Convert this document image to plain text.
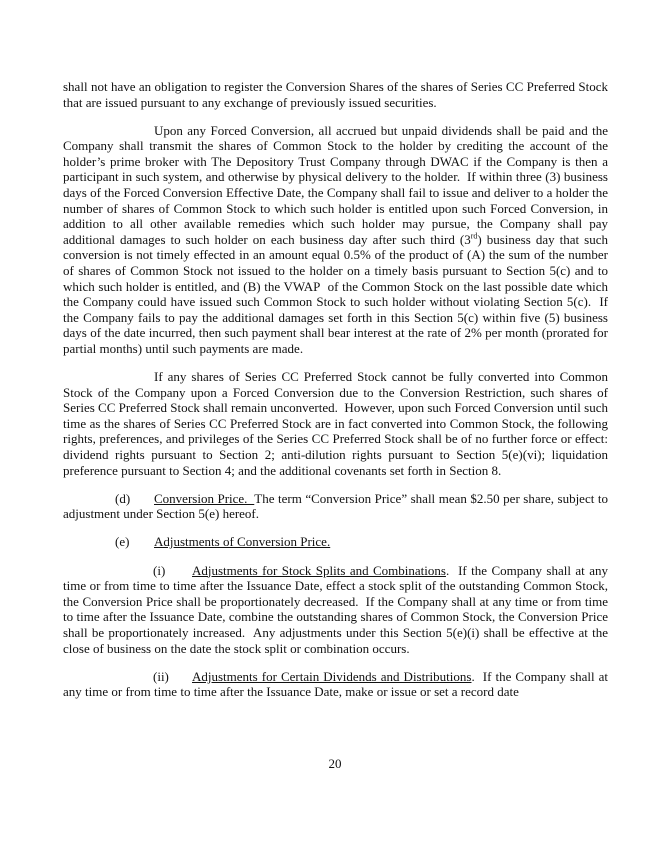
shall not have an obligation to register the Conversion Shares of the shares of Series CC Preferred Stock that are issued pursuant to any exchange of previously issued securities.

Upon any Forced Conversion, all accrued but unpaid dividends shall be paid and the Company shall transmit the shares of Common Stock to the holder by crediting the account of the holder’s prime broker with The Depository Trust Company through DWAC if the Company is then a participant in such system, and otherwise by physical delivery to the holder.  If within three (3) business days of the Forced Conversion Effective Date, the Company shall fail to issue and deliver to a holder the number of shares of Common Stock to which such holder is entitled upon such Forced Conversion, in addition to all other available remedies which such holder may pursue, the Company shall pay additional damages to such holder on each business day after such third (3rd) business day that such conversion is not timely effected in an amount equal 0.5% of the product of (A) the sum of the number of shares of Common Stock not issued to the holder on a timely basis pursuant to Section 5(c) and to which such holder is entitled, and (B) the VWAP  of the Common Stock on the last possible date which the Company could have issued such Common Stock to such holder without violating Section 5(c).  If the Company fails to pay the additional damages set forth in this Section 5(c) within five (5) business days of the date incurred, then such payment shall bear interest at the rate of 2% per month (prorated for partial months) until such payments are made.

If any shares of Series CC Preferred Stock cannot be fully converted into Common Stock of the Company upon a Forced Conversion due to the Conversion Restriction, such shares of Series CC Preferred Stock shall remain unconverted.  However, upon such Forced Conversion until such time as the shares of Series CC Preferred Stock are in fact converted into Common Stock, the following rights, preferences, and privileges of the Series CC Preferred Stock shall be of no further force or effect: dividend rights pursuant to Section 2; anti-dilution rights pursuant to Section 5(e)(vi); liquidation preference pursuant to Section 4; and the additional covenants set forth in Section 8.

(d) Conversion Price.  The term “Conversion Price” shall mean $2.50 per share, subject to adjustment under Section 5(e) hereof.

(e) Adjustments of Conversion Price.

(i) Adjustments for Stock Splits and Combinations.  If the Company shall at any time or from time to time after the Issuance Date, effect a stock split of the outstanding Common Stock, the Conversion Price shall be proportionately decreased.  If the Company shall at any time or from time to time after the Issuance Date, combine the outstanding shares of Common Stock, the Conversion Price shall be proportionately increased.  Any adjustments under this Section 5(e)(i) shall be effective at the close of business on the date the stock split or combination occurs.

(ii) Adjustments for Certain Dividends and Distributions.  If the Company shall at any time or from time to time after the Issuance Date, make or issue or set a record date

20
